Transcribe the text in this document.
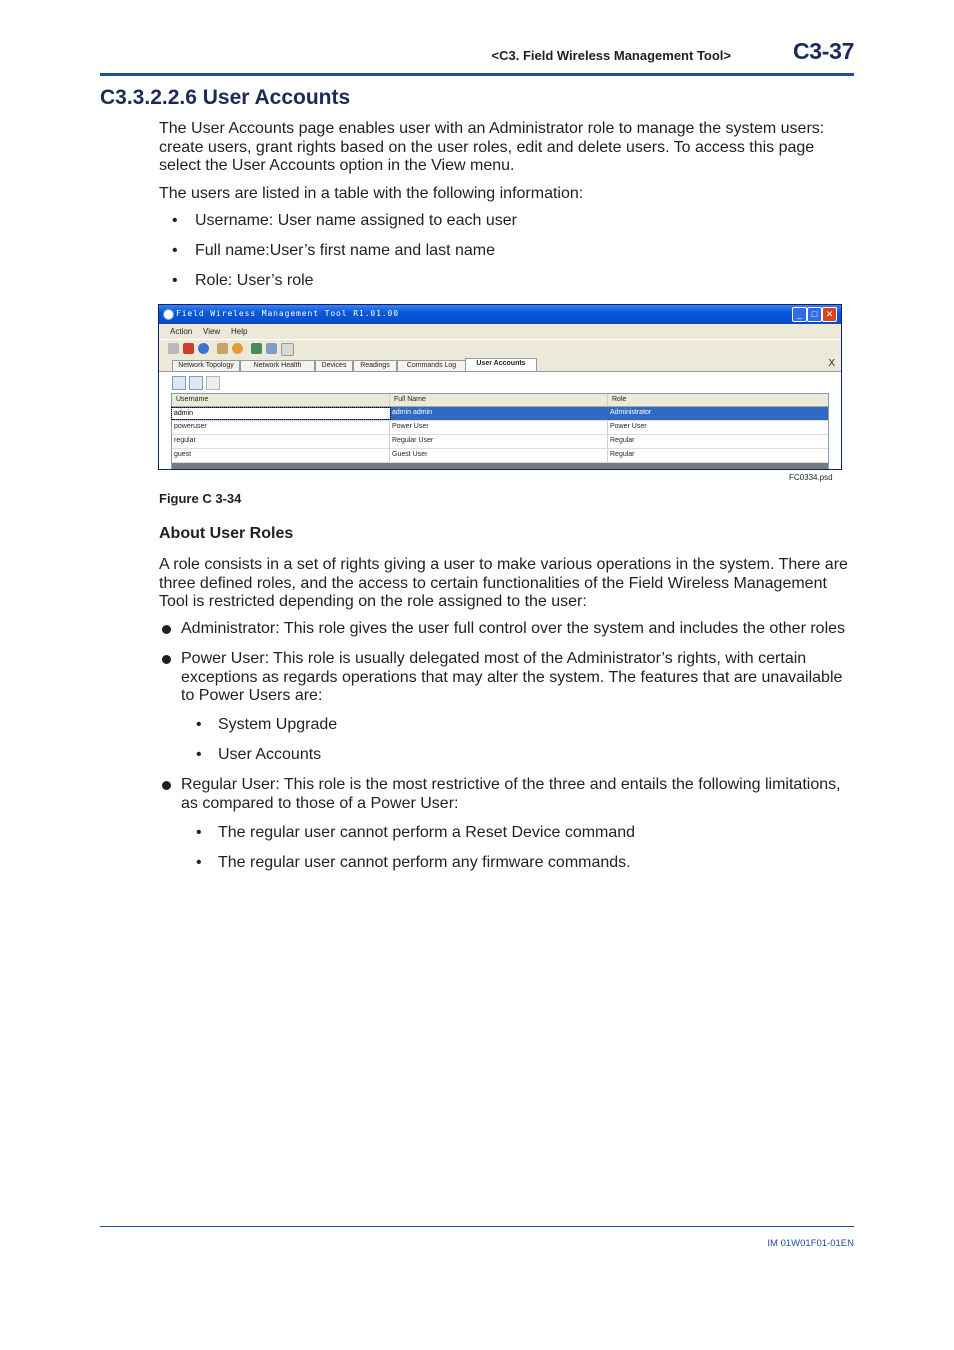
<C3. Field Wireless Management Tool>	C3-37
C3.3.2.2.6 User Accounts
The User Accounts page enables user with an Administrator role to manage the system users: create users, grant rights based on the user roles, edit and delete users. To access this page select the User Accounts option in the View menu.
The users are listed in a table with the following information:
• Username: User name assigned to each user
• Full name:User’s first name and last name
• Role: User’s role
Field Wireless Management Tool R1.01.00	_	□ ✕
Action View Help
Network Topology	Network Health	Devices	Readings	Commands Log	User Accounts	X
Username	Full Name	Role
admin	admin admin	Administrator
poweruser	Power User	Power User
regular	Regular User	Regular
guest	Guest User	Regular
FC0334.psd
Figure C 3-34
About User Roles
A role consists in a set of rights giving a user to make various operations in the system. There are three defined roles, and the access to certain functionalities of the Field Wireless Management Tool is restricted depending on the role assigned to the user:
Administrator: This role gives the user full control over the system and includes the other roles
Power User: This role is usually delegated most of the Administrator’s rights, with certain exceptions as regards operations that may alter the system. The features that are unavailable to Power Users are:
• System Upgrade
• User Accounts
Regular User: This role is the most restrictive of the three and entails the following limitations, as compared to those of a Power User:
• The regular user cannot perform a Reset Device command
• The regular user cannot perform any firmware commands.
IM 01W01F01-01EN
